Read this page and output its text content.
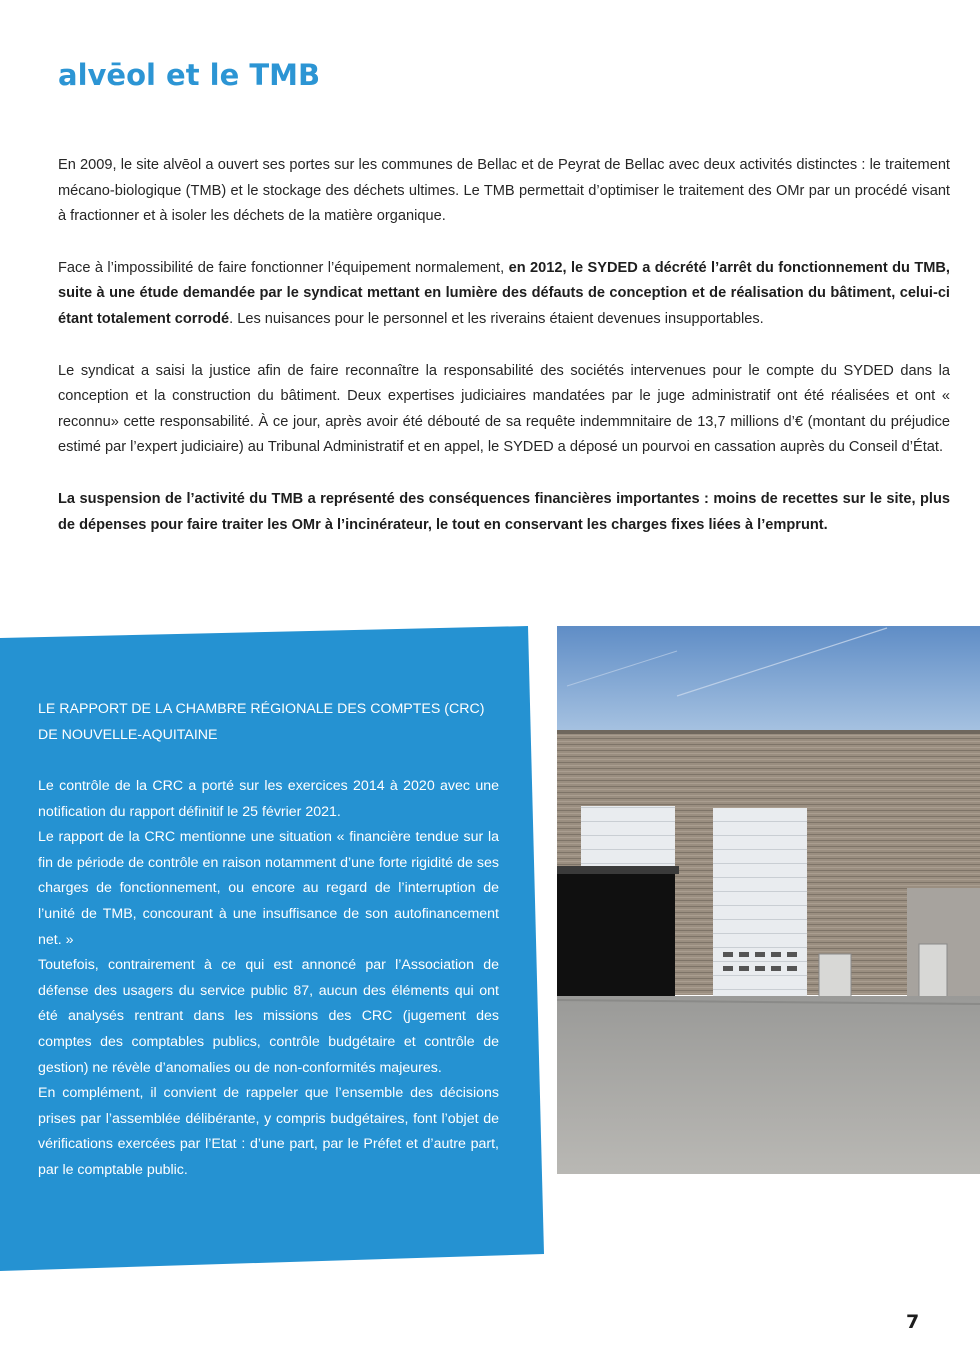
alvēol et le TMB

En 2009, le site alvēol a ouvert ses portes sur les communes de Bellac et de Peyrat de Bellac avec deux activités distinctes : le traitement mécano-biologique (TMB) et le stockage des déchets ultimes. Le TMB permettait d’optimiser le traitement des OMr par un procédé visant à fractionner et à isoler les déchets de la matière organique.

Face à l’impossibilité de faire fonctionner l’équipement normalement, en 2012, le SYDED a décrété l’arrêt du fonctionnement du TMB, suite à une étude demandée par le syndicat mettant en lumière des défauts de conception et de réalisation du bâtiment, celui-ci étant totalement corrodé. Les nuisances pour le personnel et les riverains étaient devenues insupportables.

Le syndicat a saisi la justice afin de faire reconnaître la responsabilité des sociétés intervenues pour le compte du SYDED dans la conception et la construction du bâtiment. Deux expertises judiciaires mandatées par le juge administratif ont été réalisées et ont « reconnu» cette responsabilité. À ce jour, après avoir été débouté de sa requête indemmnitaire de 13,7 millions d’€ (montant du préjudice estimé par l’expert judiciaire) au Tribunal Administratif et en appel, le SYDED a déposé un pourvoi en cassation auprès du Conseil d’État.

La suspension de l’activité du TMB a représenté des conséquences financières importantes : moins de recettes sur le site, plus de dépenses pour faire traiter les OMr à l’incinérateur, le tout en conservant les charges fixes liées à l’emprunt.

LE RAPPORT DE LA CHAMBRE RÉGIONALE DES COMPTES (CRC) DE NOUVELLE-AQUITAINE

Le contrôle de la CRC a porté sur les exercices 2014 à 2020 avec une notification du rapport définitif le 25 février 2021.

Le rapport de la CRC mentionne une situation « financière tendue sur la fin de période de contrôle en raison notamment d’une forte rigidité de ses charges de fonctionnement, ou encore au regard de l’interruption de l’unité de TMB, concourant à une insuffisance de son autofinancement net. »

Toutefois, contrairement à ce qui est annoncé par l’Association de défense des usagers du service public 87, aucun des éléments qui ont été analysés rentrant dans les missions des CRC (jugement des comptes des comptables publics, contrôle budgétaire et contrôle de gestion) ne révèle d’anomalies ou de non-conformités majeures.

En complément, il convient de rappeler que l’ensemble des décisions prises par l’assemblée délibérante, y compris budgétaires, font l’objet de vérifications exercées par l’Etat : d’une part, par le Préfet et d’autre part, par le comptable public.

7
